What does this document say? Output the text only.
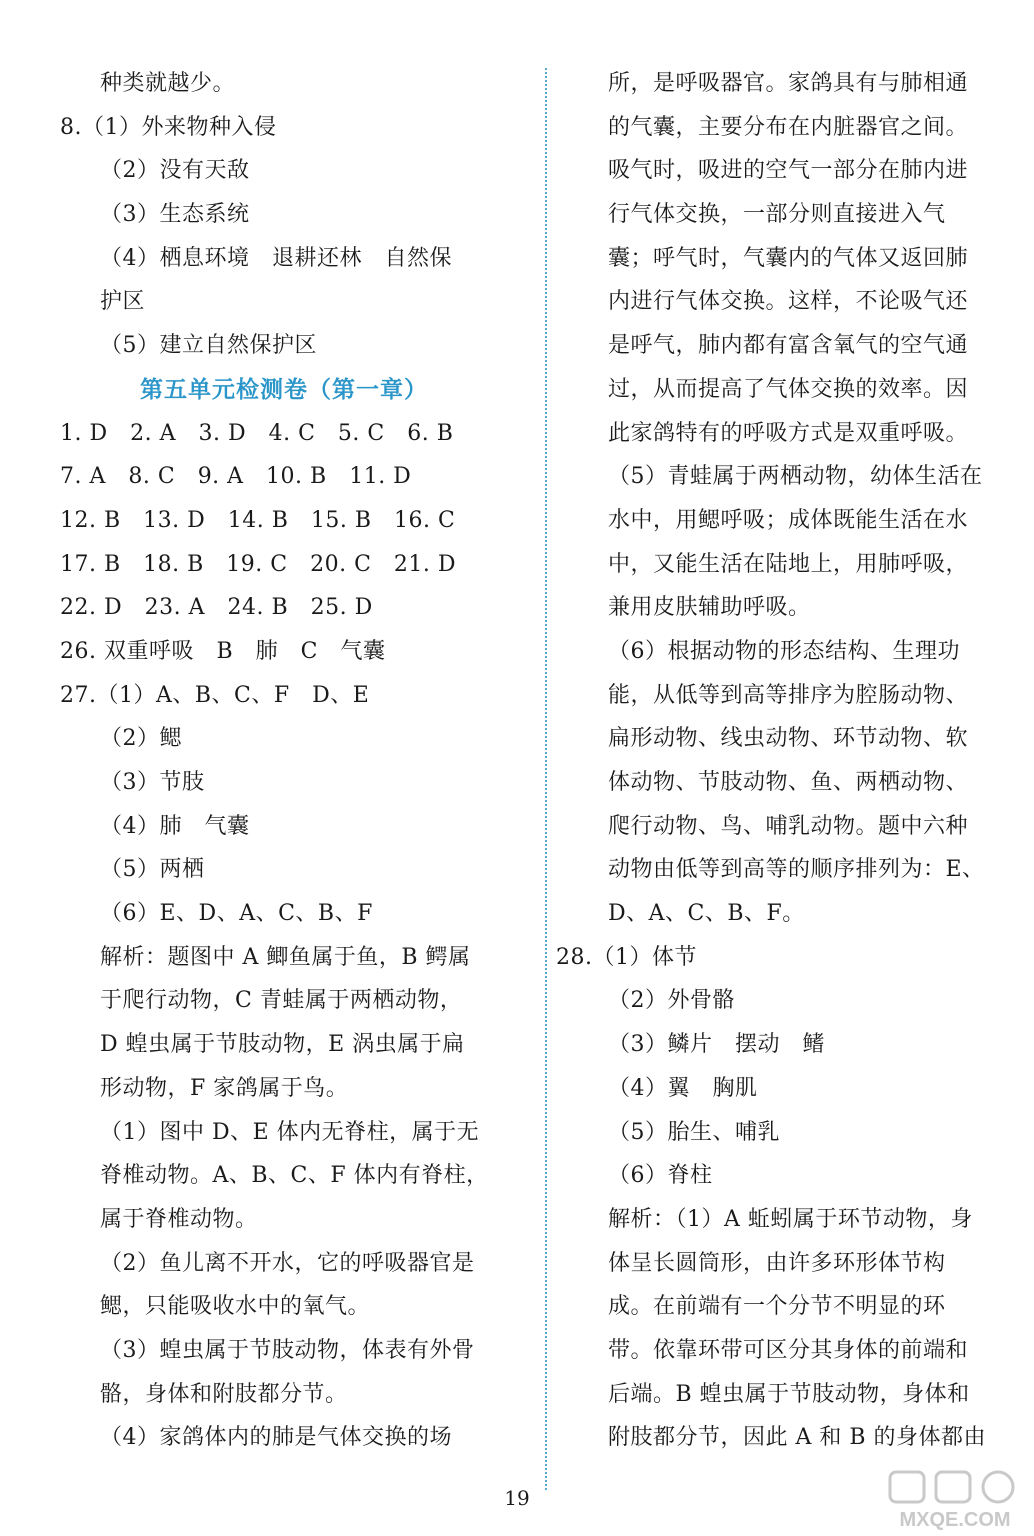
种类就越少。
8.（1）外来物种入侵
（2）没有天敌
（3）生态系统
（4）栖息环境　退耕还林　自然保
护区
（5）建立自然保护区
第五单元检测卷（第一章）
1. D　2. A　3. D　4. C　5. C　6. B
7. A　8. C　9. A　10. B　11. D
12. B　13. D　14. B　15. B　16. C
17. B　18. B　19. C　20. C　21. D
22. D　23. A　24. B　25. D
26. 双重呼吸　B　肺　C　气囊
27.（1）A、B、C、F　D、E
（2）鳃
（3）节肢
（4）肺　气囊
（5）两栖
（6）E、D、A、C、B、F
解析：题图中 A 鲫鱼属于鱼，B 鳄属
于爬行动物，C 青蛙属于两栖动物，
D 蝗虫属于节肢动物，E 涡虫属于扁
形动物，F 家鸽属于鸟。
（1）图中 D、E 体内无脊柱，属于无
脊椎动物。A、B、C、F 体内有脊柱，
属于脊椎动物。
（2）鱼儿离不开水，它的呼吸器官是
鳃，只能吸收水中的氧气。
（3）蝗虫属于节肢动物，体表有外骨
骼，身体和附肢都分节。
（4）家鸽体内的肺是气体交换的场
所，是呼吸器官。家鸽具有与肺相通
的气囊，主要分布在内脏器官之间。
吸气时，吸进的空气一部分在肺内进
行气体交换，一部分则直接进入气
囊；呼气时，气囊内的气体又返回肺
内进行气体交换。这样，不论吸气还
是呼气，肺内都有富含氧气的空气通
过，从而提高了气体交换的效率。因
此家鸽特有的呼吸方式是双重呼吸。
（5）青蛙属于两栖动物，幼体生活在
水中，用鳃呼吸；成体既能生活在水
中，又能生活在陆地上，用肺呼吸，
兼用皮肤辅助呼吸。
（6）根据动物的形态结构、生理功
能，从低等到高等排序为腔肠动物、
扁形动物、线虫动物、环节动物、软
体动物、节肢动物、鱼、两栖动物、
爬行动物、鸟、哺乳动物。题中六种
动物由低等到高等的顺序排列为：E、
D、A、C、B、F。
28.（1）体节
（2）外骨骼
（3）鳞片　摆动　鳍
（4）翼　胸肌
（5）胎生、哺乳
（6）脊柱
解析：（1）A 蚯蚓属于环节动物，身
体呈长圆筒形，由许多环形体节构
成。在前端有一个分节不明显的环
带。依靠环带可区分其身体的前端和
后端。B 蝗虫属于节肢动物，身体和
附肢都分节，因此 A 和 B 的身体都由
19
MXQE.COM
